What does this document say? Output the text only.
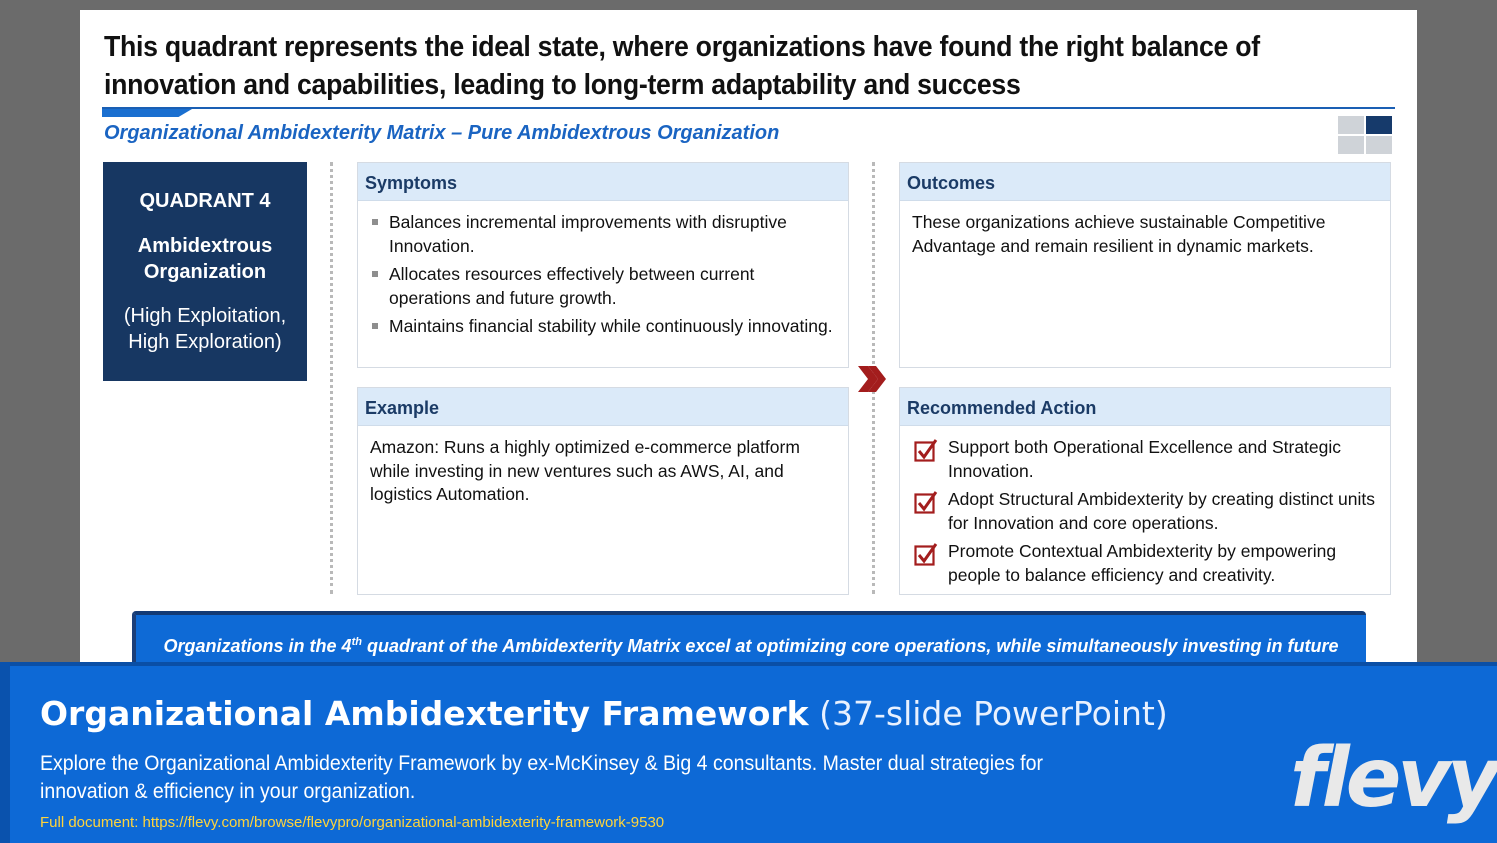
This quadrant represents the ideal state, where organizations have found the right balance of innovation and capabilities, leading to long-term adaptability and success
Organizational Ambidexterity Matrix – Pure Ambidextrous Organization
QUADRANT 4
Ambidextrous Organization
(High Exploitation, High Exploration)
Symptoms
Balances incremental improvements with disruptive Innovation.
Allocates resources effectively between current operations and future growth.
Maintains financial stability while continuously innovating.
Outcomes
These organizations achieve sustainable Competitive Advantage and remain resilient in dynamic markets.
Example
Amazon: Runs a highly optimized e-commerce platform while investing in new ventures such as AWS, AI, and logistics Automation.
Recommended Action
Support both Operational Excellence and Strategic Innovation.
Adopt Structural Ambidexterity by creating distinct units for Innovation and core operations.
Promote Contextual Ambidexterity by empowering people to balance efficiency and creativity.
Organizations in the 4th quadrant of the Ambidexterity Matrix excel at optimizing core operations, while simultaneously investing in future
Organizational Ambidexterity Framework (37-slide PowerPoint)
Explore the Organizational Ambidexterity Framework by ex-McKinsey & Big 4 consultants. Master dual strategies for innovation & efficiency in your organization.
Full document: https://flevy.com/browse/flevypro/organizational-ambidexterity-framework-9530	flevy
